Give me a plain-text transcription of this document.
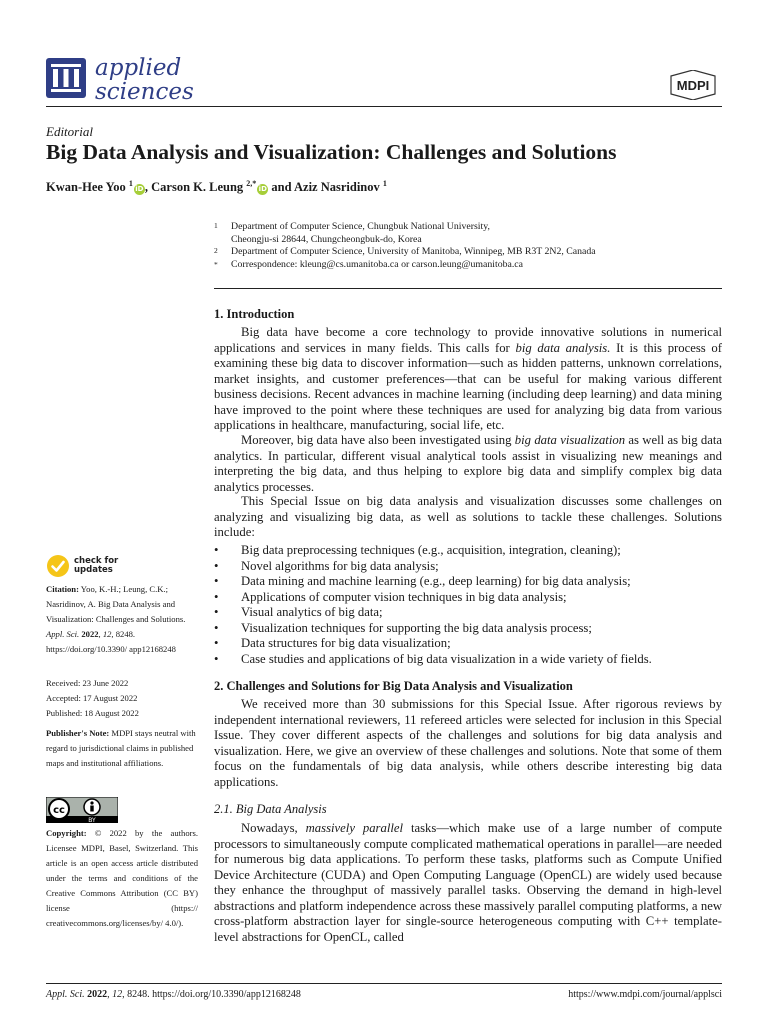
applied
sciences	MDPI
Editorial
Big Data Analysis and Visualization: Challenges and Solutions
Kwan-Hee Yoo $^1$iD, Carson K. Leung $^{2,*}$iD and Aziz Nasridinov $^1$
1 Department of Computer Science, Chungbuk National University,
Cheongju-si 28644, Chungcheongbuk-do, Korea
2 Department of Computer Science, University of Manitoba, Winnipeg, MB R3T 2N2, Canada
* Correspondence: kleung@cs.umanitoba.ca or carson.leung@umanitoba.ca
check for
updates
Citation: Yoo, K.-H.; Leung, C.K.; Nasridinov, A. Big Data Analysis and Visualization: Challenges and Solutions. Appl. Sci. 2022, 12, 8248. https://doi.org/10.3390/ app12168248
Received: 23 June 2022
Accepted: 17 August 2022
Published: 18 August 2022
Publisher's Note: MDPI stays neutral with regard to jurisdictional claims in published maps and institutional affiliations.
cc
BY
Copyright: © 2022 by the authors. Licensee MDPI, Basel, Switzerland. This article is an open access article distributed under the terms and conditions of the Creative Commons Attribution (CC BY) license (https:// creativecommons.org/licenses/by/ 4.0/).
1. Introduction
Big data have become a core technology to provide innovative solutions in numerical applications and services in many fields. This calls for big data analysis. It is this process of examining these big data to discover information—such as hidden patterns, unknown correlations, market insights, and customer preferences—that can be useful for making various different business decisions. Recent advances in machine learning (including deep learning) and data mining have improved to the point where these techniques are used for analyzing big data from various applications in healthcare, manufacturing, social life, etc.
Moreover, big data have also been investigated using big data visualization as well as big data analytics. In particular, different visual analytical tools assist in visualizing new meanings and interpreting the big data, and thus helping to explore big data and simplify complex big data analytics processes.
This Special Issue on big data analysis and visualization discusses some challenges on analyzing and visualizing big data, as well as solutions to tackle these challenges. Solutions include:
• Big data preprocessing techniques (e.g., acquisition, integration, cleaning);
• Novel algorithms for big data analysis;
• Data mining and machine learning (e.g., deep learning) for big data analysis;
• Applications of computer vision techniques in big data analysis;
• Visual analytics of big data;
• Visualization techniques for supporting the big data analysis process;
• Data structures for big data visualization;
• Case studies and applications of big data visualization in a wide variety of fields.
2. Challenges and Solutions for Big Data Analysis and Visualization
We received more than 30 submissions for this Special Issue. After rigorous reviews by independent international reviewers, 11 refereed articles were selected for inclusion in this Special Issue. They cover different aspects of the challenges and solutions for big data analysis and visualization. Here, we give an overview of these challenges and solutions. Note that some of them focus on the fundamentals of big data analysis, while others describe interesting big data applications.
2.1. Big Data Analysis
Nowadays, massively parallel tasks—which make use of a large number of compute processors to simultaneously compute complicated mathematical operations in parallel—are needed for numerous big data applications. To perform these tasks, platforms such as Compute Unified Device Architecture (CUDA) and Open Computing Language (OpenCL) are widely used because they enhance the throughput of massively parallel tasks. Observing the demand in high-level abstractions and platform independence across these massively parallel computing platforms, a new cross-platform abstraction layer for single-source heterogeneous computing with C++ template-level abstractions for OpenCL, called
Appl. Sci. 2022, 12, 8248. https://doi.org/10.3390/app12168248	https://www.mdpi.com/journal/applsci
